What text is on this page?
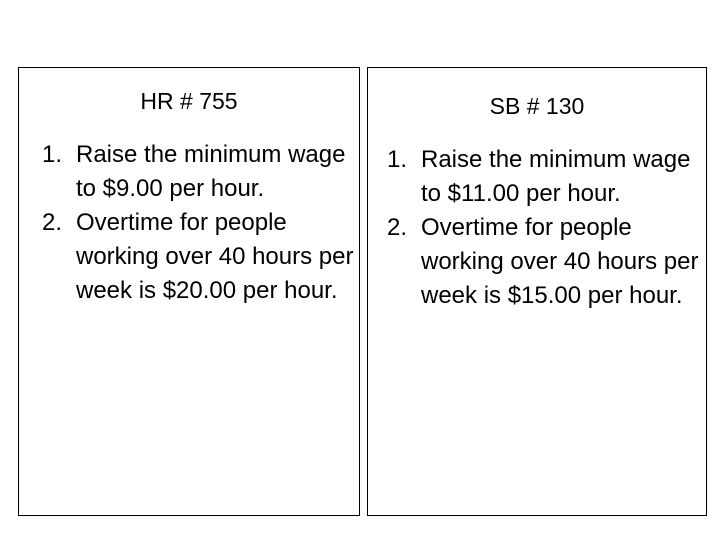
HR # 755
1. Raise the minimum wage to $9.00 per hour.
2. Overtime for people working over 40 hours per week is $20.00 per hour.
SB # 130
1. Raise the minimum wage to $11.00 per hour.
2. Overtime for people working over 40 hours per week is $15.00 per hour.
